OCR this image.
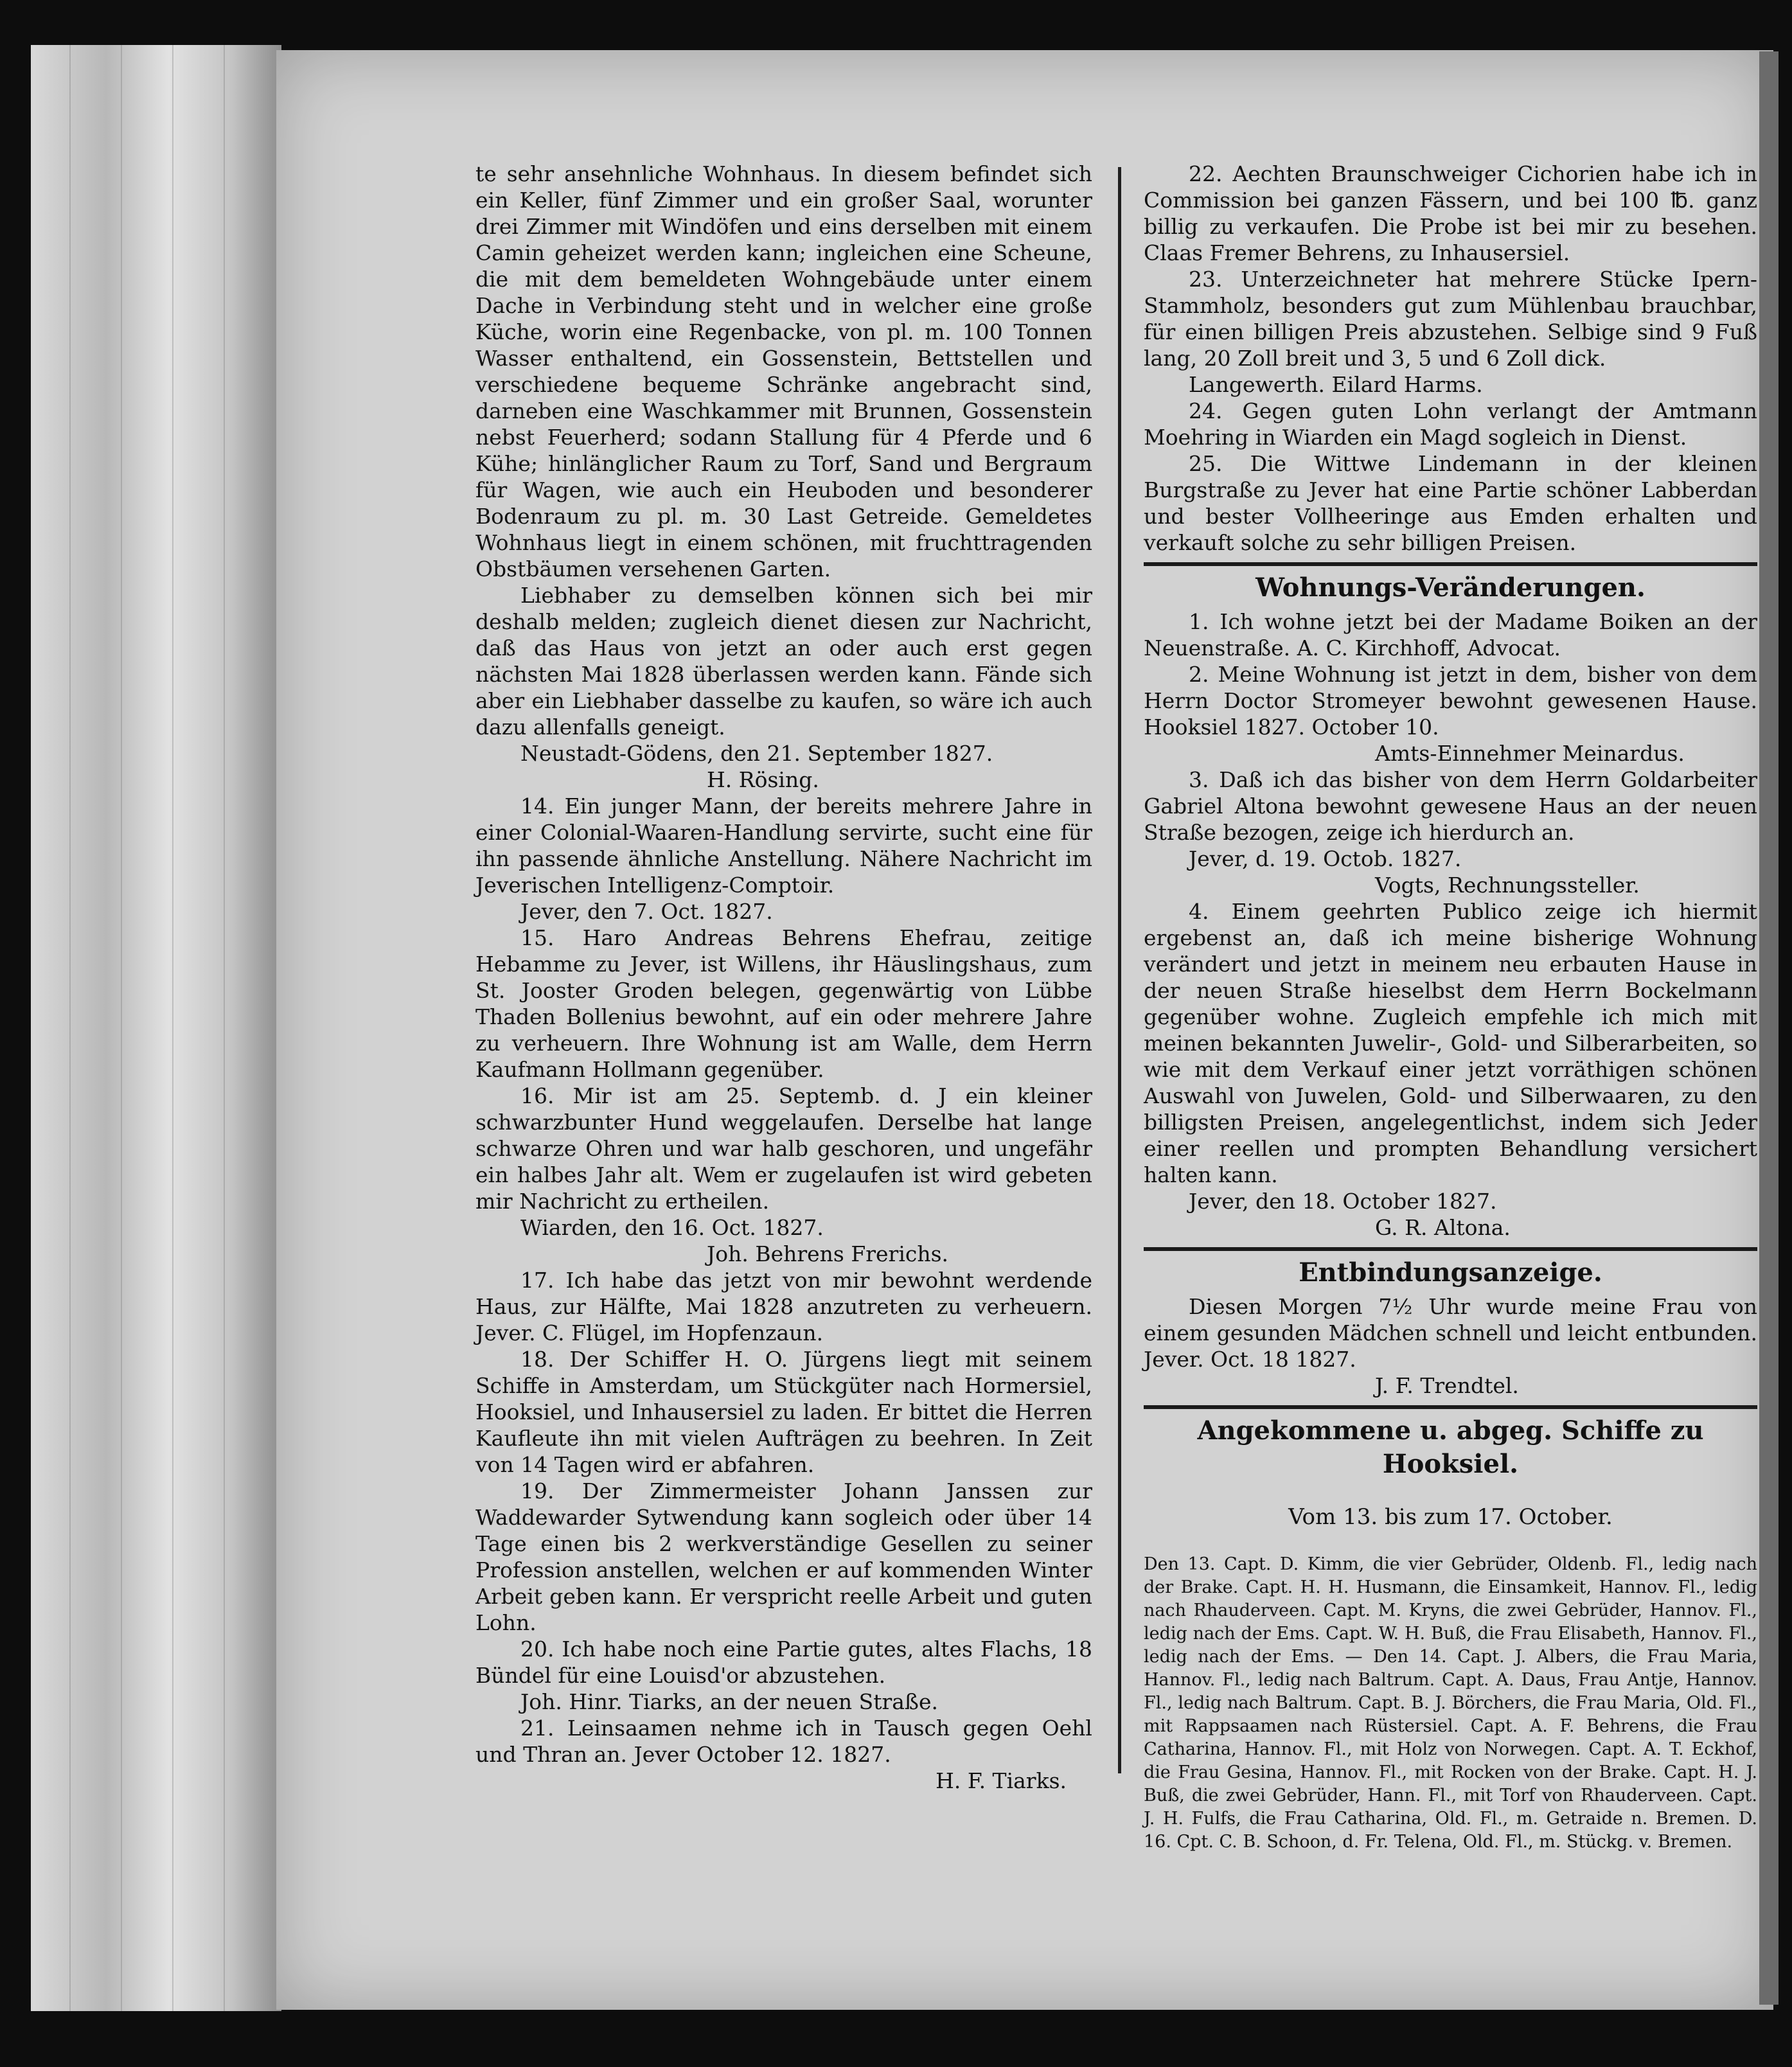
te sehr ansehnliche Wohnhaus. In diesem befindet sich ein Keller, fünf Zimmer und ein großer Saal, worunter drei Zimmer mit Windöfen und eins derselben mit einem Camin geheizet werden kann; ingleichen eine Scheune, die mit dem bemeldeten Wohngebäude unter einem Dache in Verbindung steht und in welcher eine große Küche, worin eine Regenbacke, von pl. m. 100 Tonnen Wasser enthaltend, ein Gossenstein, Bettstellen und verschiedene bequeme Schränke angebracht sind, darneben eine Waschkammer mit Brunnen, Gossenstein nebst Feuerherd; sodann Stallung für 4 Pferde und 6 Kühe; hinlänglicher Raum zu Torf, Sand und Bergraum für Wagen, wie auch ein Heuboden und besonderer Bodenraum zu pl. m. 30 Last Getreide. Gemeldetes Wohnhaus liegt in einem schönen, mit fruchttragenden Obstbäumen versehenen Garten.

Liebhaber zu demselben können sich bei mir deshalb melden; zugleich dienet diesen zur Nachricht, daß das Haus von jetzt an oder auch erst gegen nächsten Mai 1828 überlassen werden kann. Fände sich aber ein Liebhaber dasselbe zu kaufen, so wäre ich auch dazu allenfalls geneigt.

Neustadt-Gödens, den 21. September 1827.

H. Rösing.

14. Ein junger Mann, der bereits mehrere Jahre in einer Colonial-Waaren-Handlung servirte, sucht eine für ihn passende ähnliche Anstellung. Nähere Nachricht im Jeverischen Intelligenz-Comptoir.

Jever, den 7. Oct. 1827.

15. Haro Andreas Behrens Ehefrau, zeitige Hebamme zu Jever, ist Willens, ihr Häuslingshaus, zum St. Jooster Groden belegen, gegenwärtig von Lübbe Thaden Bollenius bewohnt, auf ein oder mehrere Jahre zu verheuern. Ihre Wohnung ist am Walle, dem Herrn Kaufmann Hollmann gegenüber.

16. Mir ist am 25. Septemb. d. J ein kleiner schwarzbunter Hund weggelaufen. Derselbe hat lange schwarze Ohren und war halb geschoren, und ungefähr ein halbes Jahr alt. Wem er zugelaufen ist wird gebeten mir Nachricht zu ertheilen.

Wiarden, den 16. Oct. 1827.

Joh. Behrens Frerichs.

17. Ich habe das jetzt von mir bewohnt werdende Haus, zur Hälfte, Mai 1828 anzutreten zu verheuern. Jever. C. Flügel, im Hopfenzaun.

18. Der Schiffer H. O. Jürgens liegt mit seinem Schiffe in Amsterdam, um Stückgüter nach Hormersiel, Hooksiel, und Inhausersiel zu laden. Er bittet die Herren Kaufleute ihn mit vielen Aufträgen zu beehren. In Zeit von 14 Tagen wird er abfahren.

19. Der Zimmermeister Johann Janssen zur Waddewarder Sytwendung kann sogleich oder über 14 Tage einen bis 2 werkverständige Gesellen zu seiner Profession anstellen, welchen er auf kommenden Winter Arbeit geben kann. Er verspricht reelle Arbeit und guten Lohn.

20. Ich habe noch eine Partie gutes, altes Flachs, 18 Bündel für eine Louisd'or abzustehen.

Joh. Hinr. Tiarks, an der neuen Straße.

21. Leinsaamen nehme ich in Tausch gegen Oehl und Thran an. Jever October 12. 1827.

H. F. Tiarks.

22. Aechten Braunschweiger Cichorien habe ich in Commission bei ganzen Fässern, und bei 100 ℔. ganz billig zu verkaufen. Die Probe ist bei mir zu besehen. Claas Fremer Behrens, zu Inhausersiel.

23. Unterzeichneter hat mehrere Stücke Ipern-Stammholz, besonders gut zum Mühlenbau brauchbar, für einen billigen Preis abzustehen. Selbige sind 9 Fuß lang, 20 Zoll breit und 3, 5 und 6 Zoll dick.

Langewerth. Eilard Harms.

24. Gegen guten Lohn verlangt der Amtmann Moehring in Wiarden ein Magd sogleich in Dienst.

25. Die Wittwe Lindemann in der kleinen Burgstraße zu Jever hat eine Partie schöner Labberdan und bester Vollheeringe aus Emden erhalten und verkauft solche zu sehr billigen Preisen.

Wohnungs-Veränderungen.

1. Ich wohne jetzt bei der Madame Boiken an der Neuenstraße. A. C. Kirchhoff, Advocat.

2. Meine Wohnung ist jetzt in dem, bisher von dem Herrn Doctor Stromeyer bewohnt gewesenen Hause. Hooksiel 1827. October 10.

Amts-Einnehmer Meinardus.

3. Daß ich das bisher von dem Herrn Goldarbeiter Gabriel Altona bewohnt gewesene Haus an der neuen Straße bezogen, zeige ich hierdurch an.

Jever, d. 19. Octob. 1827.

Vogts, Rechnungssteller.

4. Einem geehrten Publico zeige ich hiermit ergebenst an, daß ich meine bisherige Wohnung verändert und jetzt in meinem neu erbauten Hause in der neuen Straße hieselbst dem Herrn Bockelmann gegenüber wohne. Zugleich empfehle ich mich mit meinen bekannten Juwelir-, Gold- und Silberarbeiten, so wie mit dem Verkauf einer jetzt vorräthigen schönen Auswahl von Juwelen, Gold- und Silberwaaren, zu den billigsten Preisen, angelegentlichst, indem sich Jeder einer reellen und prompten Behandlung versichert halten kann.

Jever, den 18. October 1827.

G. R. Altona.

Entbindungsanzeige.

Diesen Morgen 7½ Uhr wurde meine Frau von einem gesunden Mädchen schnell und leicht entbunden. Jever. Oct. 18 1827.

J. F. Trendtel.

Angekommene u. abgeg. Schiffe zu Hooksiel.

Vom 13. bis zum 17. October.

Den 13. Capt. D. Kimm, die vier Gebrüder, Oldenb. Fl., ledig nach der Brake. Capt. H. H. Husmann, die Einsamkeit, Hannov. Fl., ledig nach Rhauderveen. Capt. M. Kryns, die zwei Gebrüder, Hannov. Fl., ledig nach der Ems. Capt. W. H. Buß, die Frau Elisabeth, Hannov. Fl., ledig nach der Ems. — Den 14. Capt. J. Albers, die Frau Maria, Hannov. Fl., ledig nach Baltrum. Capt. A. Daus, Frau Antje, Hannov. Fl., ledig nach Baltrum. Capt. B. J. Börchers, die Frau Maria, Old. Fl., mit Rappsaamen nach Rüstersiel. Capt. A. F. Behrens, die Frau Catharina, Hannov. Fl., mit Holz von Norwegen. Capt. A. T. Eckhof, die Frau Gesina, Hannov. Fl., mit Rocken von der Brake. Capt. H. J. Buß, die zwei Gebrüder, Hann. Fl., mit Torf von Rhauderveen. Capt. J. H. Fulfs, die Frau Catharina, Old. Fl., m. Getraide n. Bremen. D. 16. Cpt. C. B. Schoon, d. Fr. Telena, Old. Fl., m. Stückg. v. Bremen.
